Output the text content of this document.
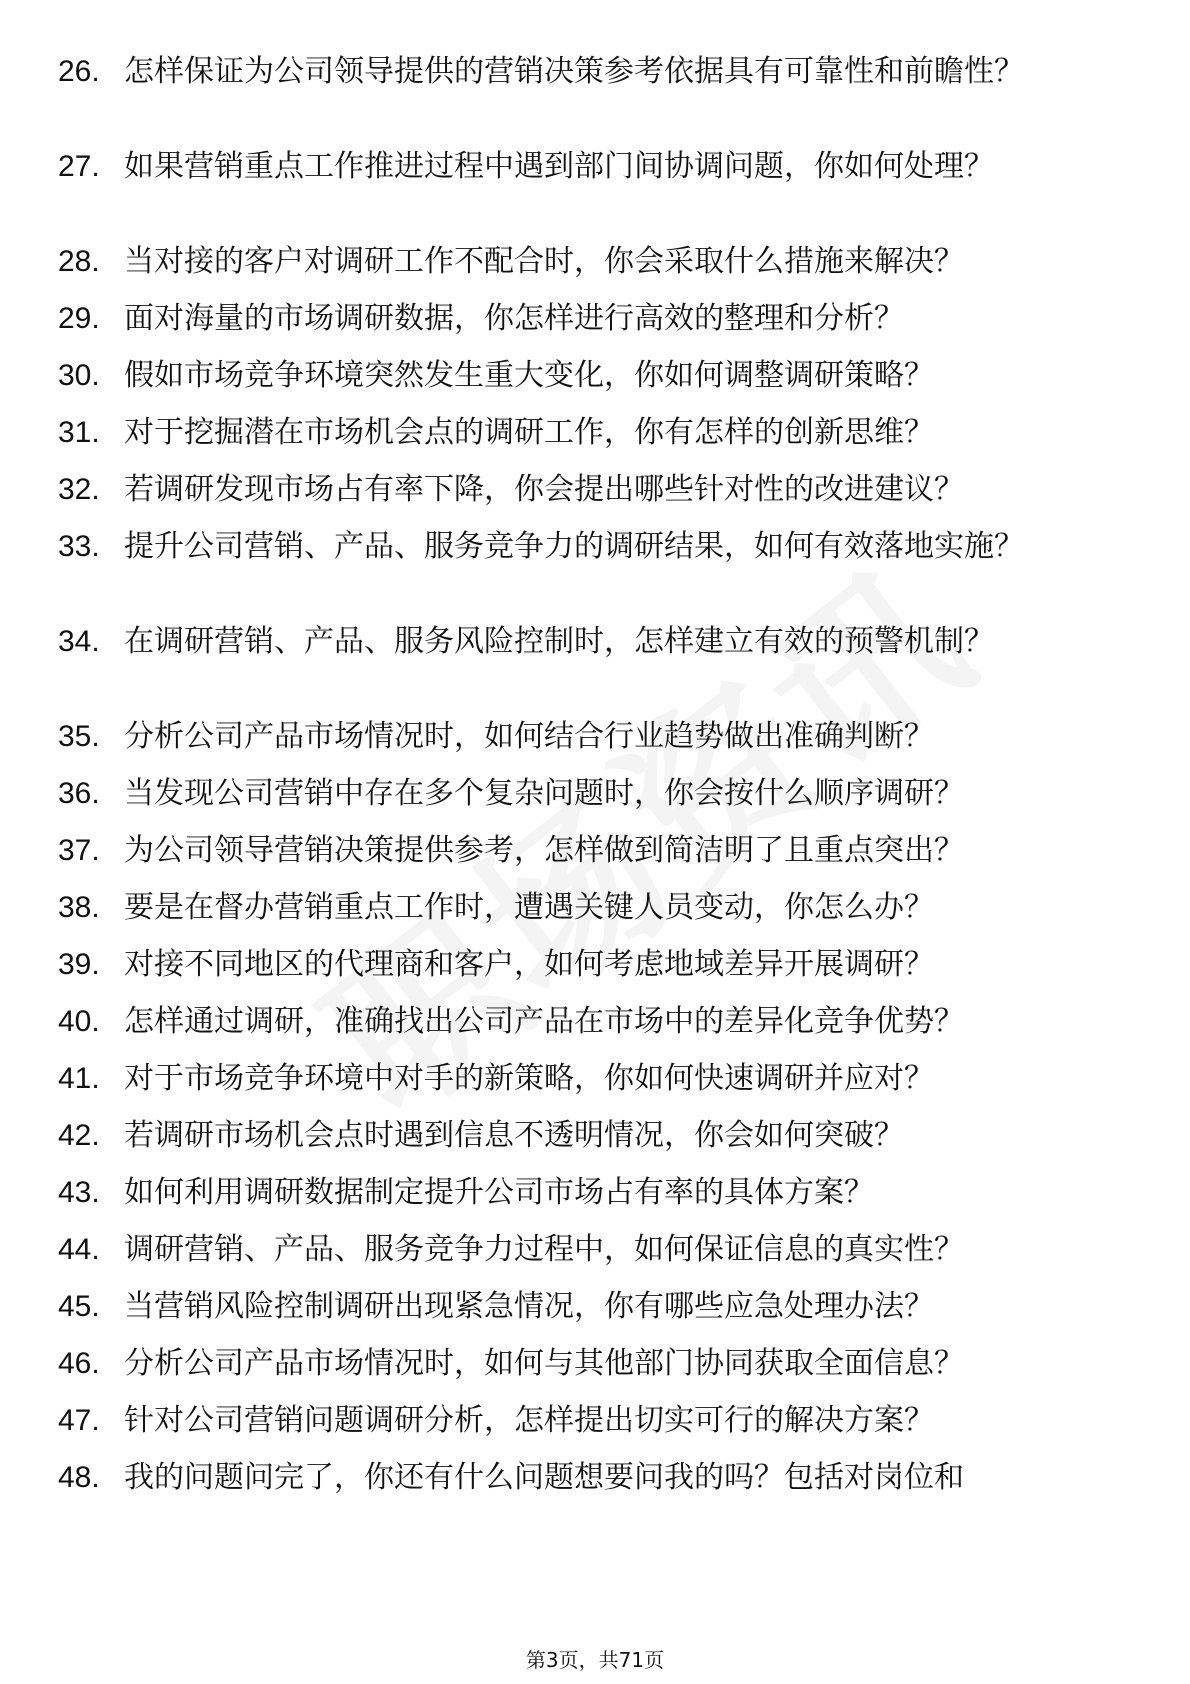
26. 怎样保证为公司领导提供的营销决策参考依据具有可靠性和前瞻性？
27. 如果营销重点工作推进过程中遇到部门间协调问题，你如何处理？
28. 当对接的客户对调研工作不配合时，你会采取什么措施来解决？
29. 面对海量的市场调研数据，你怎样进行高效的整理和分析？
30. 假如市场竞争环境突然发生重大变化，你如何调整调研策略？
31. 对于挖掘潜在市场机会点的调研工作，你有怎样的创新思维？
32. 若调研发现市场占有率下降，你会提出哪些针对性的改进建议？
33. 提升公司营销、产品、服务竞争力的调研结果，如何有效落地实施？
34. 在调研营销、产品、服务风险控制时，怎样建立有效的预警机制？
35. 分析公司产品市场情况时，如何结合行业趋势做出准确判断？
36. 当发现公司营销中存在多个复杂问题时，你会按什么顺序调研？
37. 为公司领导营销决策提供参考，怎样做到简洁明了且重点突出？
38. 要是在督办营销重点工作时，遭遇关键人员变动，你怎么办？
39. 对接不同地区的代理商和客户，如何考虑地域差异开展调研？
40. 怎样通过调研，准确找出公司产品在市场中的差异化竞争优势？
41. 对于市场竞争环境中对手的新策略，你如何快速调研并应对？
42. 若调研市场机会点时遇到信息不透明情况，你会如何突破？
43. 如何利用调研数据制定提升公司市场占有率的具体方案？
44. 调研营销、产品、服务竞争力过程中，如何保证信息的真实性？
45. 当营销风险控制调研出现紧急情况，你有哪些应急处理办法？
46. 分析公司产品市场情况时，如何与其他部门协同获取全面信息？
47. 针对公司营销问题调研分析，怎样提出切实可行的解决方案？
48. 我的问题问完了，你还有什么问题想要问我的吗？包括对岗位和
第3页，共71页
